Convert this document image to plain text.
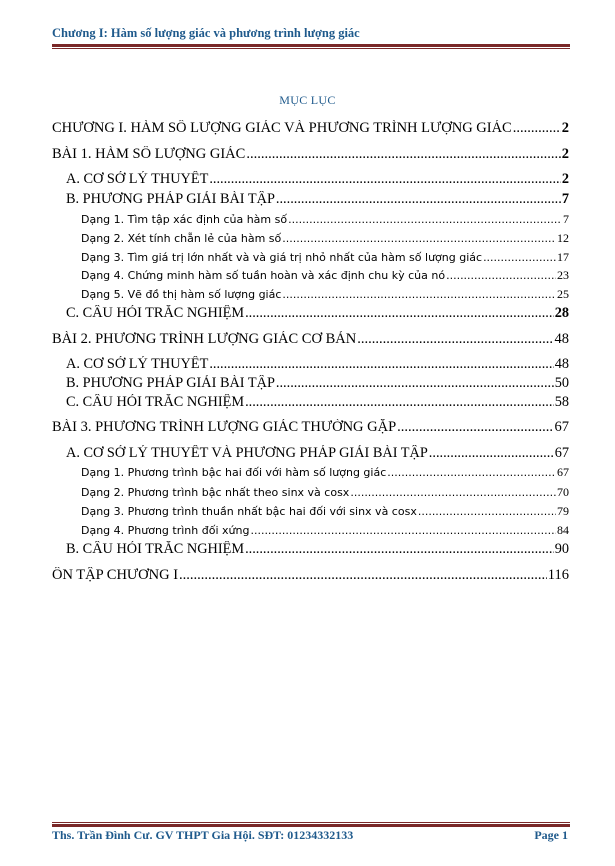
Chương I: Hàm số lượng giác và phương trình lượng giác
MỤC LỤC
CHƯƠNG I. HÀM SỐ LƯỢNG GIÁC VÀ PHƯƠNG TRÌNH LƯỢNG GIÁC .....	2
BÀI 1. HÀM SỐ LƯỢNG GIÁC .....	2
A. CƠ SỞ LÝ THUYẾT .....	2
B. PHƯƠNG PHÁP GIẢI BÀI TẬP .....	7
Dạng 1. Tìm tập xác định của hàm số .....	7
Dạng 2. Xét tính chẵn lẻ của hàm số .....	12
Dạng 3. Tìm giá trị lớn nhất và và giá trị nhỏ nhất của hàm số lượng giác .....	17
Dạng 4. Chứng minh hàm số tuần hoàn và xác định chu kỳ của nó .....	23
Dạng 5. Vẽ đồ thị hàm số lượng giác .....	25
C. CÂU HỎI TRẮC NGHIỆM .....	28
BÀI 2. PHƯƠNG TRÌNH LƯỢNG GIÁC CƠ BẢN .....	48
A. CƠ SỞ LÝ THUYẾT .....	48
B. PHƯƠNG PHÁP GIẢI BÀI TẬP .....	50
C. CÂU HỎI TRẮC NGHIỆM .....	58
BÀI 3. PHƯƠNG TRÌNH LƯỢNG GIÁC THƯỜNG GẶP .....	67
A. CƠ SỞ LÝ THUYẾT VÀ PHƯƠNG PHÁP GIẢI BÀI TẬP .....	67
Dạng 1. Phương trình bậc hai đối với hàm số lượng giác .....	67
Dạng 2. Phương trình bậc nhất theo sinx và cosx .....	70
Dạng 3. Phương trình thuần nhất bậc hai đối với sinx và cosx .....	79
Dạng 4. Phương trình đối xứng .....	84
B. CÂU HỎI TRẮC NGHIỆM .....	90
ÔN TẬP CHƯƠNG I .....	116
Ths. Trần Đình Cư. GV THPT Gia Hội. SĐT: 01234332133	Page 1
